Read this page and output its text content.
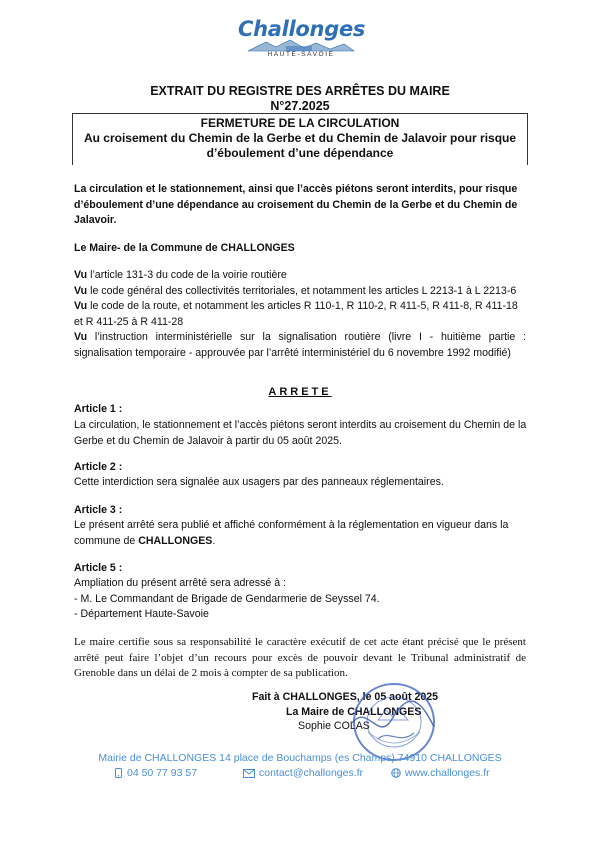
Challonges
HAUTE-SAVOIE
EXTRAIT DU REGISTRE DES ARRÊTES DU MAIRE
N°27.2025
FERMETURE DE LA CIRCULATION
Au croisement du Chemin de la Gerbe et du Chemin de Jalavoir pour risque
d’éboulement d’une dépendance
La circulation et le stationnement, ainsi que l’accès piétons seront interdits, pour risque d’éboulement d’une dépendance au croisement du Chemin de la Gerbe et du Chemin de Jalavoir.
Le Maire- de la Commune de CHALLONGES
Vu l’article 131-3 du code de la voirie routière
Vu le code général des collectivités territoriales, et notamment les articles L 2213-1 à L 2213-6
Vu le code de la route, et notamment les articles R 110-1, R 110-2, R 411-5, R 411-8, R 411-18 et R 411-25 à R 411-28
Vu l’instruction interministérielle sur la signalisation routière (livre I - huitième partie : signalisation temporaire - approuvée par l’arrêté interministériel du 6 novembre 1992 modifié)
ARRETE
Article 1 :
La circulation, le stationnement et l’accès piétons seront interdits au croisement du Chemin de la Gerbe et du Chemin de Jalavoir à partir du 05 août 2025.
Article 2 :
Cette interdiction sera signalée aux usagers par des panneaux réglementaires.
Article 3 :
Le présent arrêté sera publié et affiché conformément à la réglementation en vigueur dans la commune de CHALLONGES.
Article 5 :
Ampliation du présent arrêté sera adressé à :
- M. Le Commandant de Brigade de Gendarmerie de Seyssel 74.
- Département Haute-Savoie
Le maire certifie sous sa responsabilité le caractère exécutif de cet acte étant précisé que le présent arrêté peut faire l’objet d’un recours pour excès de pouvoir devant le Tribunal administratif de Grenoble dans un délai de 2 mois à compter de sa publication.
Fait à CHALLONGES, le 05 août 2025
La Maire de CHALLONGES
Sophie COLAS
Mairie de CHALLONGES 14 place de Bouchamps (es Champs) 74910 CHALLONGES
04 50 77 93 57	contact@challonges.fr	www.challonges.fr
